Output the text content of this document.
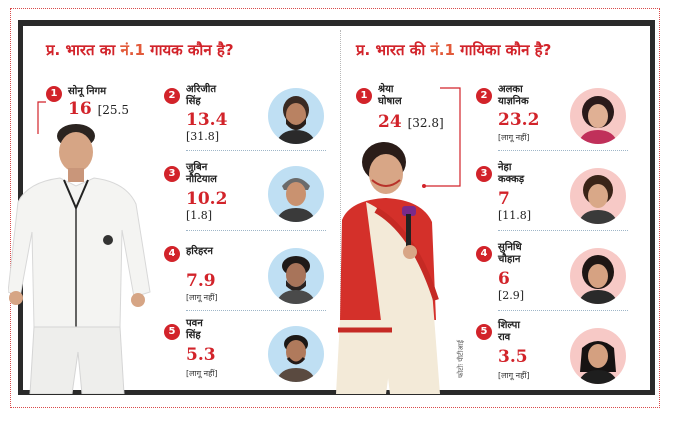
प्र. भारत का नं.1 गायक कौन है?	प्र. भारत की नं.1 गायिका कौन है?
1	सोनू निगम
16 [25.5
2
अरिजीत
सिंह
13.4
[31.8]
3
जुबिन
नौटियाल
10.2
[1.8]
4	हरिहरन
7.9
[लागू नहीं]
5
पवन
सिंह
5.3
[लागू नहीं]
1
श्रेया
घोषाल
24 [32.8]
फोटोः पीटीआई
2
अलका
याज्ञनिक
23.2
[लागू नहीं]
3
नेहा
कक्कड़
7
[11.8]
4
सुनिधि
चौहान
6
[2.9]
5
शिल्पा
राव
3.5
[लागू नहीं]
